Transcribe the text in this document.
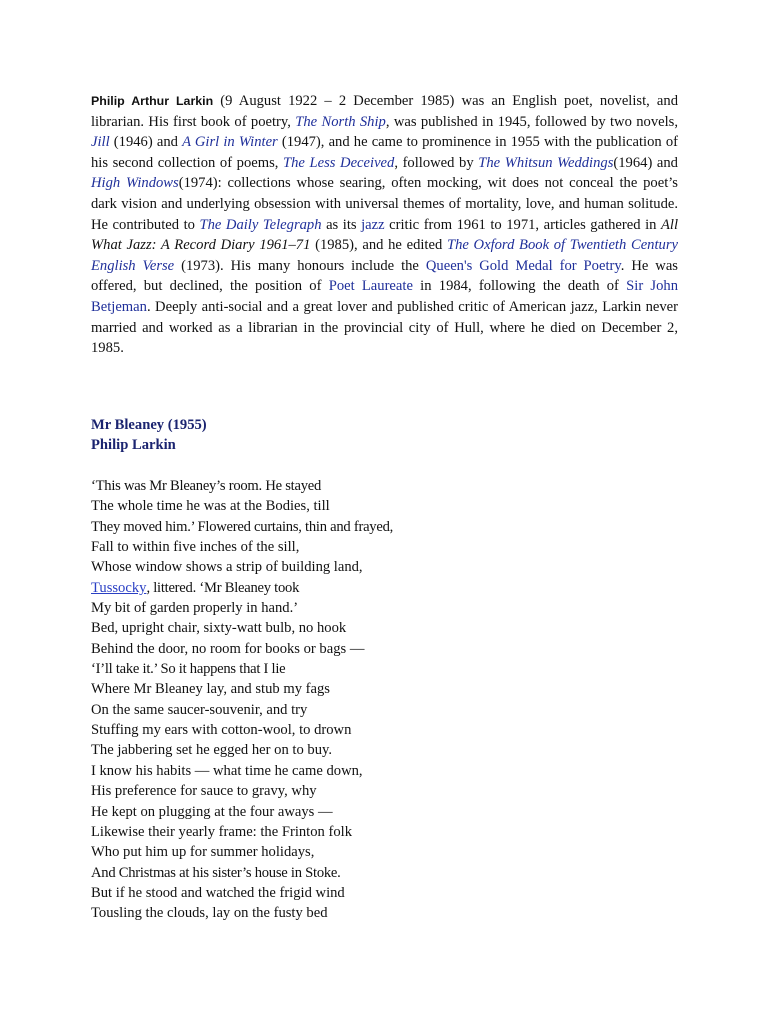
Philip Arthur Larkin (9 August 1922 – 2 December 1985) was an English poet, novelist, and librarian. His first book of poetry, The North Ship, was published in 1945, followed by two novels, Jill (1946) and A Girl in Winter (1947), and he came to prominence in 1955 with the publication of his second collection of poems, The Less Deceived, followed by The Whitsun Weddings(1964) and High Windows(1974): collections whose searing, often mocking, wit does not conceal the poet’s dark vision and underlying obsession with universal themes of mortality, love, and human solitude. He contributed to The Daily Telegraph as its jazz critic from 1961 to 1971, articles gathered in All What Jazz: A Record Diary 1961–71 (1985), and he edited The Oxford Book of Twentieth Century English Verse (1973). His many honours include the Queen's Gold Medal for Poetry. He was offered, but declined, the position of Poet Laureate in 1984, following the death of Sir John Betjeman. Deeply anti-social and a great lover and published critic of American jazz, Larkin never married and worked as a librarian in the provincial city of Hull, where he died on December 2, 1985.

Mr Bleaney (1955)
Philip Larkin
‘This was Mr Bleaney’s room. He stayed
The whole time he was at the Bodies, till
They moved him.’ Flowered curtains, thin and frayed,
Fall to within five inches of the sill,
Whose window shows a strip of building land,
Tussocky, littered. ‘Mr Bleaney took
My bit of garden properly in hand.’
Bed, upright chair, sixty-watt bulb, no hook
Behind the door, no room for books or bags —
‘I’ll take it.’ So it happens that I lie
Where Mr Bleaney lay, and stub my fags
On the same saucer-souvenir, and try
Stuffing my ears with cotton-wool, to drown
The jabbering set he egged her on to buy.
I know his habits — what time he came down,
His preference for sauce to gravy, why
He kept on plugging at the four aways —
Likewise their yearly frame: the Frinton folk
Who put him up for summer holidays,
And Christmas at his sister’s house in Stoke.
But if he stood and watched the frigid wind
Tousling the clouds, lay on the fusty bed
